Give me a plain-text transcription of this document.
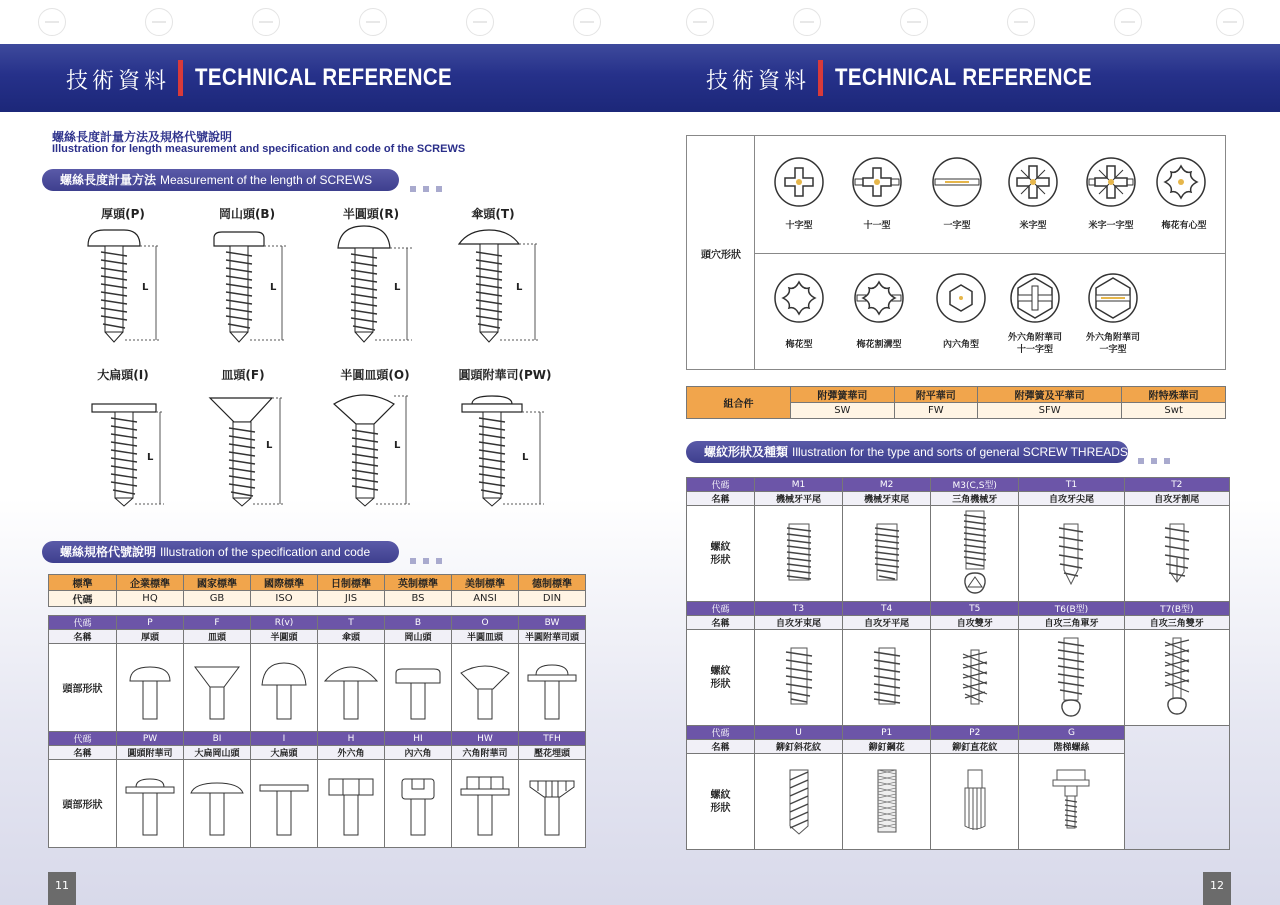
技術資料 TECHNICAL REFERENCE
螺絲長度計量方法及規格代號說明
Illustration for length measurement and specification and code of the SCREWS
螺絲長度計量方法 Measurement of the length of SCREWS
厚頭(P)	岡山頭(B)	半圓頭(R)	傘頭(T)
L	L	L	L
大扁頭(I)	皿頭(F)	半圓皿頭(O)	圓頭附華司(PW)
L
L	L
L
螺絲規格代號說明 Illustration of the specification and code
標準	企業標準	國家標準	國際標準	日制標準	英制標準	美制標準	德制標準
代碼	HQ	GB	ISO	JIS	BS	ANSI	DIN
代碼	P	F	R(v)	T	B	O	BW
名稱	厚頭	皿頭	半圓頭	傘頭	岡山頭	半圓皿頭	半圓附華司頭
頭部形狀							
代碼	PW	BI	I	H	HI	HW	TFH
名稱	圓頭附華司	大扁岡山頭	大扁頭	外六角	內六角	六角附華司	壓花埋頭
頭部形狀							
11
技術資料 TECHNICAL REFERENCE
頭穴形狀
十字型	十一型	一字型	米字型	米字一字型	梅花有心型
梅花型	梅花割溝型	內六角型
外六角附華司十一字型
外六角附華司一字型
組合件	附彈簧華司	附平華司	附彈簧及平華司	附特殊華司
	SW	FW	SFW	Swt
螺紋形狀及種類 Illustration for the type and sorts of general SCREW THREADS
代碼	M1	M2	M3(C,S型)	T1	T2
名稱	機械牙平尾	機械牙束尾	三角機械牙	自攻牙尖尾	自攻牙割尾

螺紋形狀

代碼	T3	T4	T5	T6(B型)	T7(B型)
名稱	自攻牙束尾	自攻牙平尾	自攻雙牙	自攻三角單牙	自攻三角雙牙

螺紋形狀

代碼	U	P1	P2	G	
名稱	鉚釘斜花紋	鉚釘鋼花	鉚釘直花紋	階梯螺絲	

螺紋形狀

12
